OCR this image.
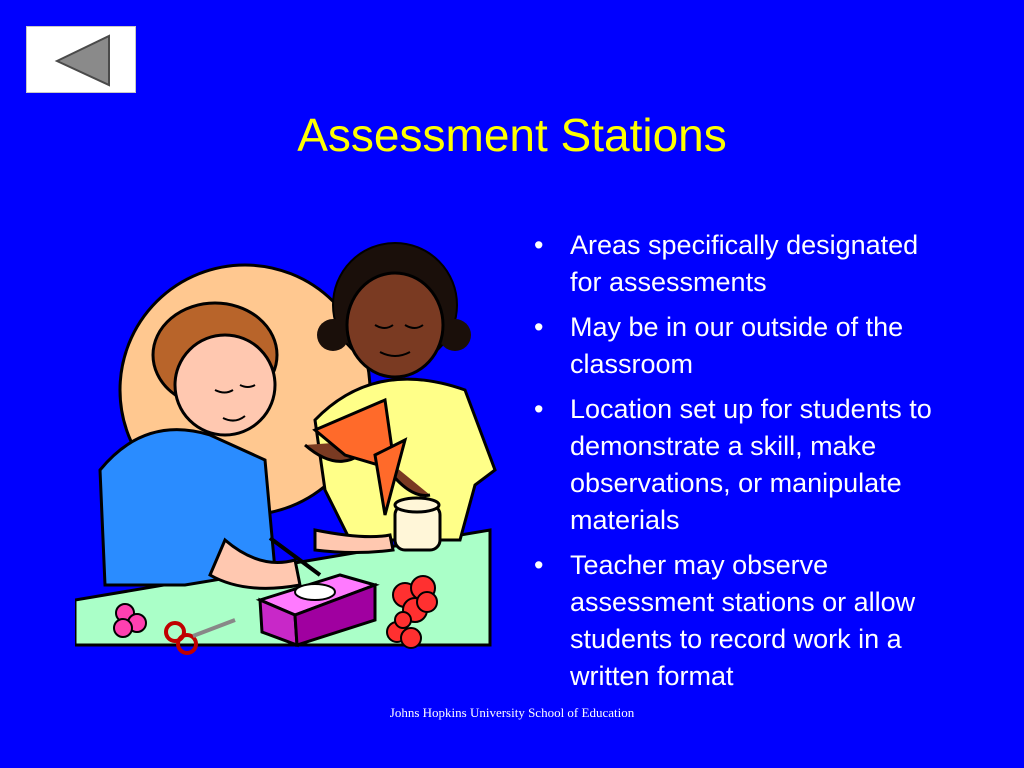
Assessment Stations
• Areas specifically designated for assessments
• May be in our outside of the classroom
• Location set up for students to demonstrate a skill, make observations, or manipulate materials
• Teacher may observe assessment stations or allow students to record work in a written format
Johns Hopkins University School of Education
